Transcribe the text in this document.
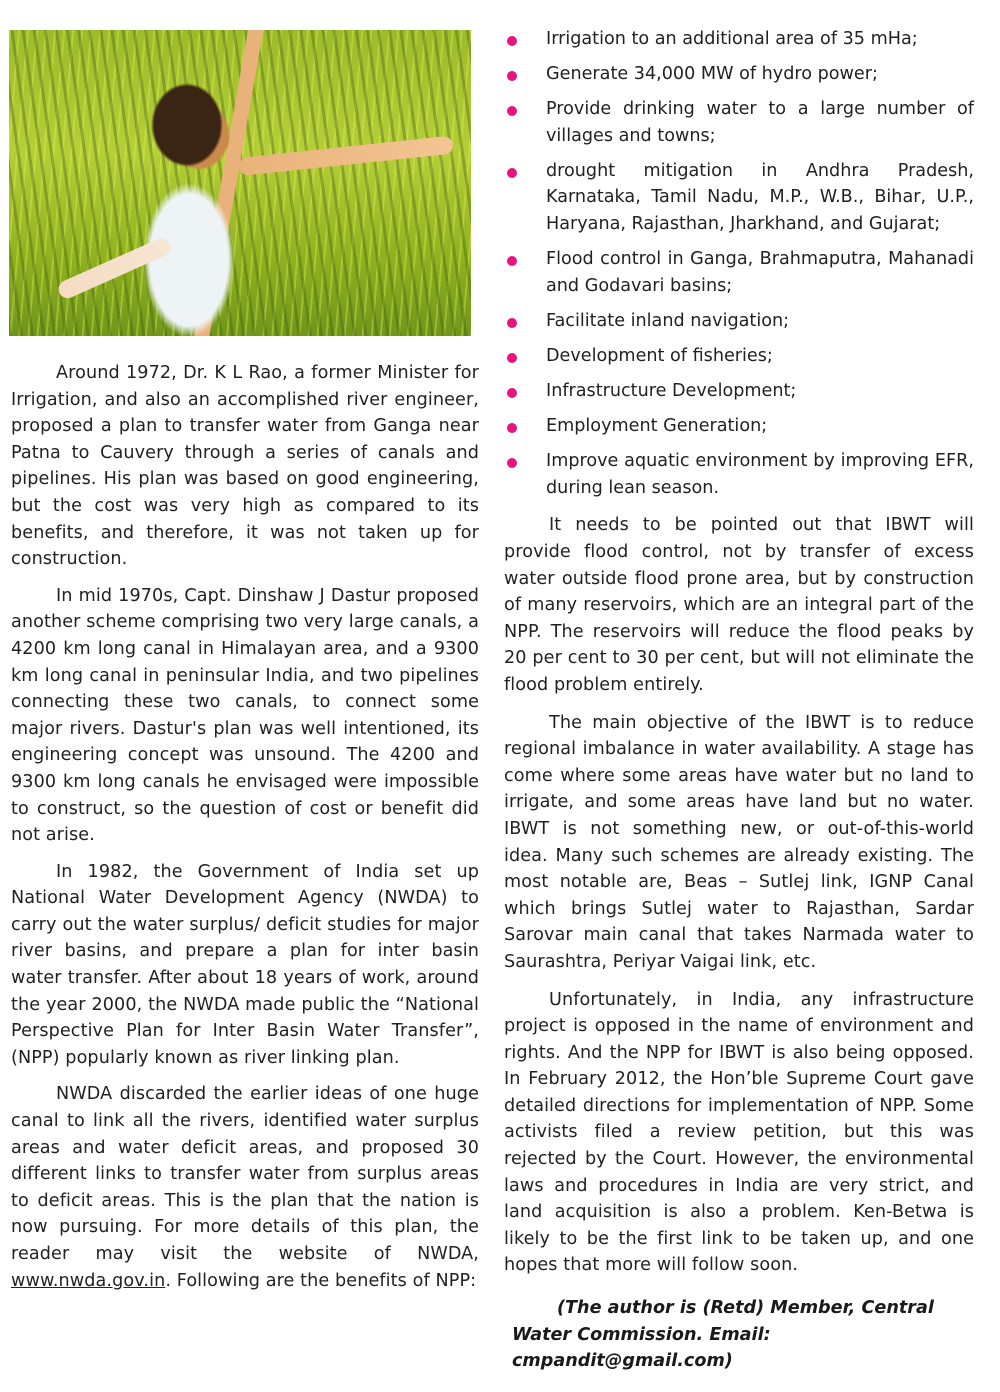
Around 1972, Dr. K L Rao, a former Minister for Irrigation, and also an accomplished river engineer, proposed a plan to transfer water from Ganga near Patna to Cauvery through a series of canals and pipelines. His plan was based on good engineering, but the cost was very high as compared to its benefits, and therefore, it was not taken up for construction.

In mid 1970s, Capt. Dinshaw J Dastur proposed another scheme comprising two very large canals, a 4200 km long canal in Himalayan area, and a 9300 km long canal in peninsular India, and two pipelines connecting these two canals, to connect some major rivers. Dastur's plan was well intentioned, its engineering concept was unsound. The 4200 and 9300 km long canals he envisaged were impossible to construct, so the question of cost or benefit did not arise.

In 1982, the Government of India set up National Water Development Agency (NWDA) to carry out the water surplus/ deficit studies for major river basins, and prepare a plan for inter basin water transfer. After about 18 years of work, around the year 2000, the NWDA made public the “National Perspective Plan for Inter Basin Water Transfer”, (NPP) popularly known as river linking plan.

NWDA discarded the earlier ideas of one huge canal to link all the rivers, identified water surplus areas and water deficit areas, and proposed 30 different links to transfer water from surplus areas to deficit areas. This is the plan that the nation is now pursuing. For more details of this plan, the reader may visit the website of NWDA, www.nwda.gov.in. Following are the benefits of NPP:

Irrigation to an additional area of 35 mHa;
Generate 34,000 MW of hydro power;
Provide drinking water to a large number of villages and towns;
drought mitigation in Andhra Pradesh, Karnataka, Tamil Nadu, M.P., W.B., Bihar, U.P., Haryana, Rajasthan, Jharkhand, and Gujarat;
Flood control in Ganga, Brahmaputra, Mahanadi and Godavari basins;
Facilitate inland navigation;
Development of fisheries;
Infrastructure Development;
Employment Generation;
Improve aquatic environment by improving EFR, during lean season.

It needs to be pointed out that IBWT will provide flood control, not by transfer of excess water outside flood prone area, but by construction of many reservoirs, which are an integral part of the NPP. The reservoirs will reduce the flood peaks by 20 per cent to 30 per cent, but will not eliminate the flood problem entirely.

The main objective of the IBWT is to reduce regional imbalance in water availability. A stage has come where some areas have water but no land to irrigate, and some areas have land but no water. IBWT is not something new, or out-of-this-world idea. Many such schemes are already existing. The most notable are, Beas – Sutlej link, IGNP Canal which brings Sutlej water to Rajasthan, Sardar Sarovar main canal that takes Narmada water to Saurashtra, Periyar Vaigai link, etc.

Unfortunately, in India, any infrastructure project is opposed in the name of environment and rights. And the NPP for IBWT is also being opposed. In February 2012, the Hon’ble Supreme Court gave detailed directions for implementation of NPP. Some activists filed a review petition, but this was rejected by the Court. However, the environmental laws and procedures in India are very strict, and land acquisition is also a problem. Ken-Betwa is likely to be the first link to be taken up, and one hopes that more will follow soon.

(The author is (Retd) Member, Central Water Commission. Email: cmpandit@gmail.com)
